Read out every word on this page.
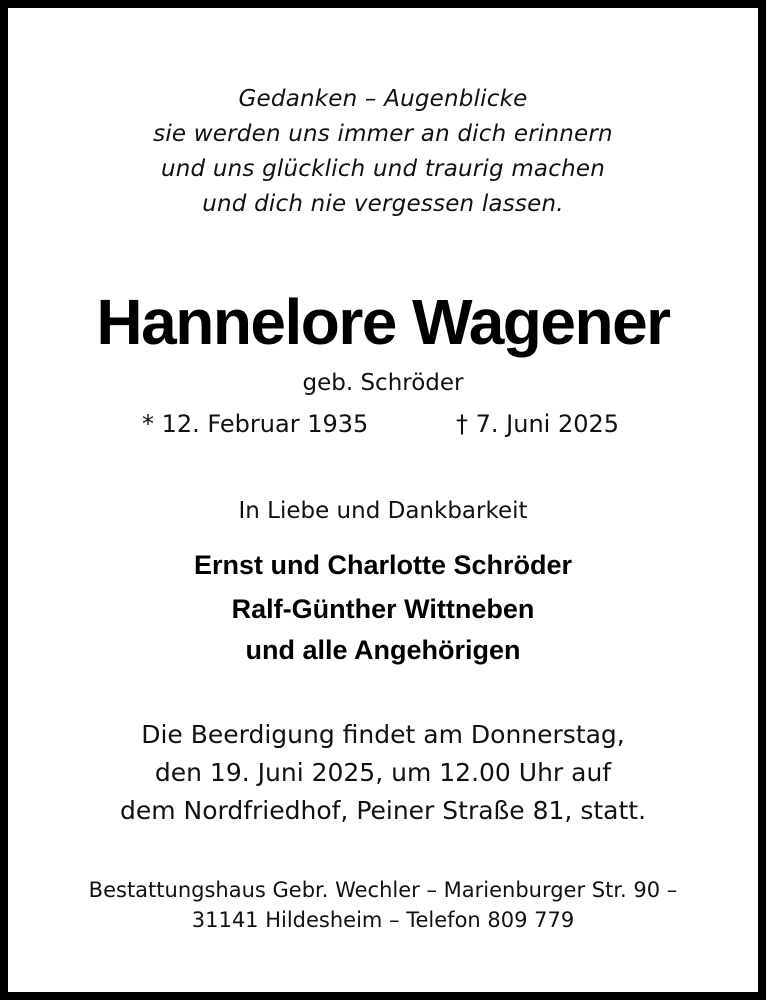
Gedanken – Augenblicke
sie werden uns immer an dich erinnern
und uns glücklich und traurig machen
und dich nie vergessen lassen.
Hannelore Wagener
geb. Schröder
* 12. Februar 1935	† 7. Juni 2025
In Liebe und Dankbarkeit
Ernst und Charlotte Schröder
Ralf-Günther Wittneben
und alle Angehörigen
Die Beerdigung findet am Donnerstag,
den 19. Juni 2025, um 12.00 Uhr auf
dem Nordfriedhof, Peiner Straße 81, statt.
Bestattungshaus Gebr. Wechler – Marienburger Str. 90 –
31141 Hildesheim – Telefon 809 779
